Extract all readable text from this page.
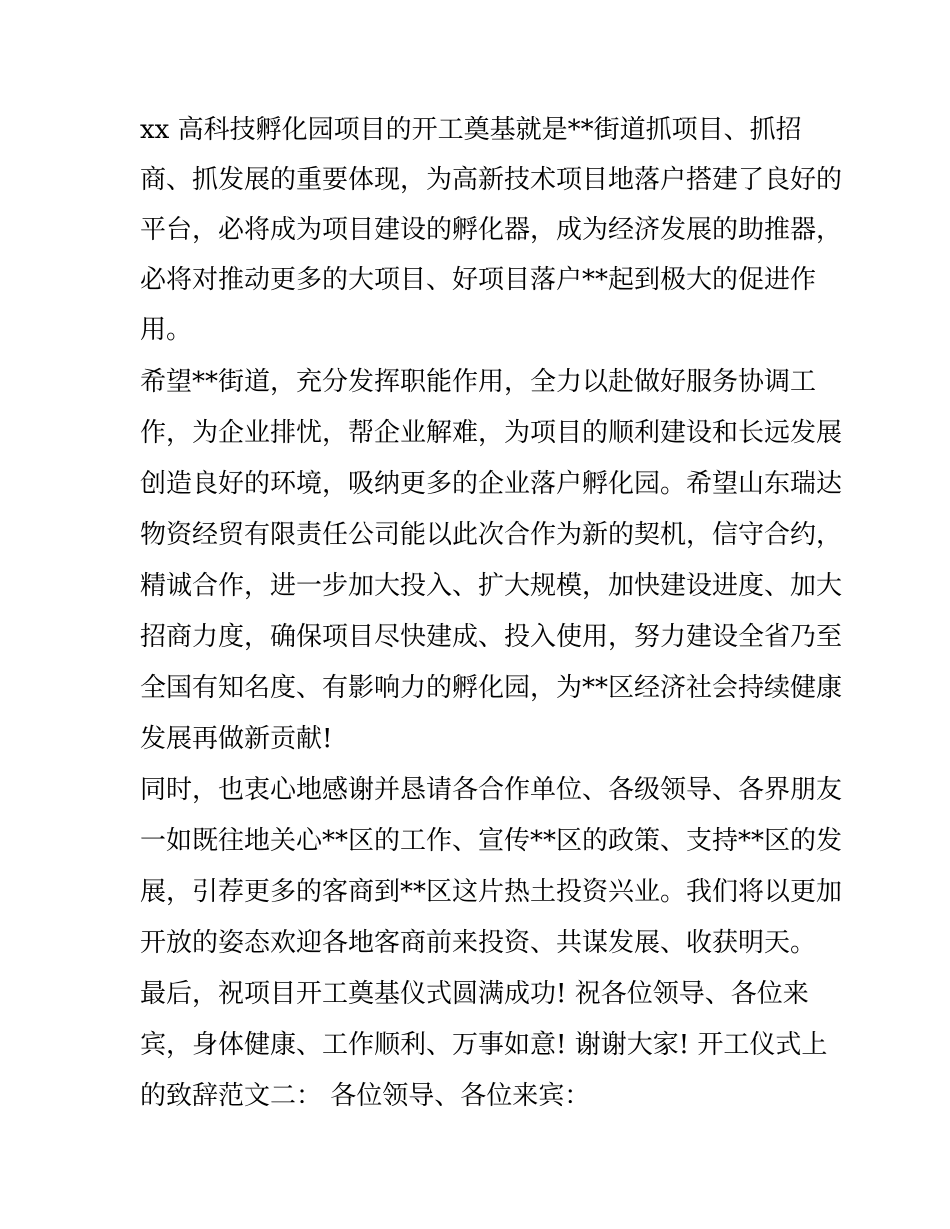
xx 高科技孵化园项目的开工奠基就是**街道抓项目、抓招
商、抓发展的重要体现，为高新技术项目地落户搭建了良好的
平台，必将成为项目建设的孵化器，成为经济发展的助推器，
必将对推动更多的大项目、好项目落户**起到极大的促进作
用。
希望**街道，充分发挥职能作用，全力以赴做好服务协调工
作，为企业排忧，帮企业解难，为项目的顺利建设和长远发展
创造良好的环境，吸纳更多的企业落户孵化园。希望山东瑞达
物资经贸有限责任公司能以此次合作为新的契机，信守合约，
精诚合作，进一步加大投入、扩大规模，加快建设进度、加大
招商力度，确保项目尽快建成、投入使用，努力建设全省乃至
全国有知名度、有影响力的孵化园，为**区经济社会持续健康
发展再做新贡献!
同时，也衷心地感谢并恳请各合作单位、各级领导、各界朋友
一如既往地关心**区的工作、宣传**区的政策、支持**区的发
展，引荐更多的客商到**区这片热土投资兴业。我们将以更加
开放的姿态欢迎各地客商前来投资、共谋发展、收获明天。
最后，祝项目开工奠基仪式圆满成功! 祝各位领导、各位来
宾，身体健康、工作顺利、万事如意! 谢谢大家! 开工仪式上
的致辞范文二： 各位领导、各位来宾：
